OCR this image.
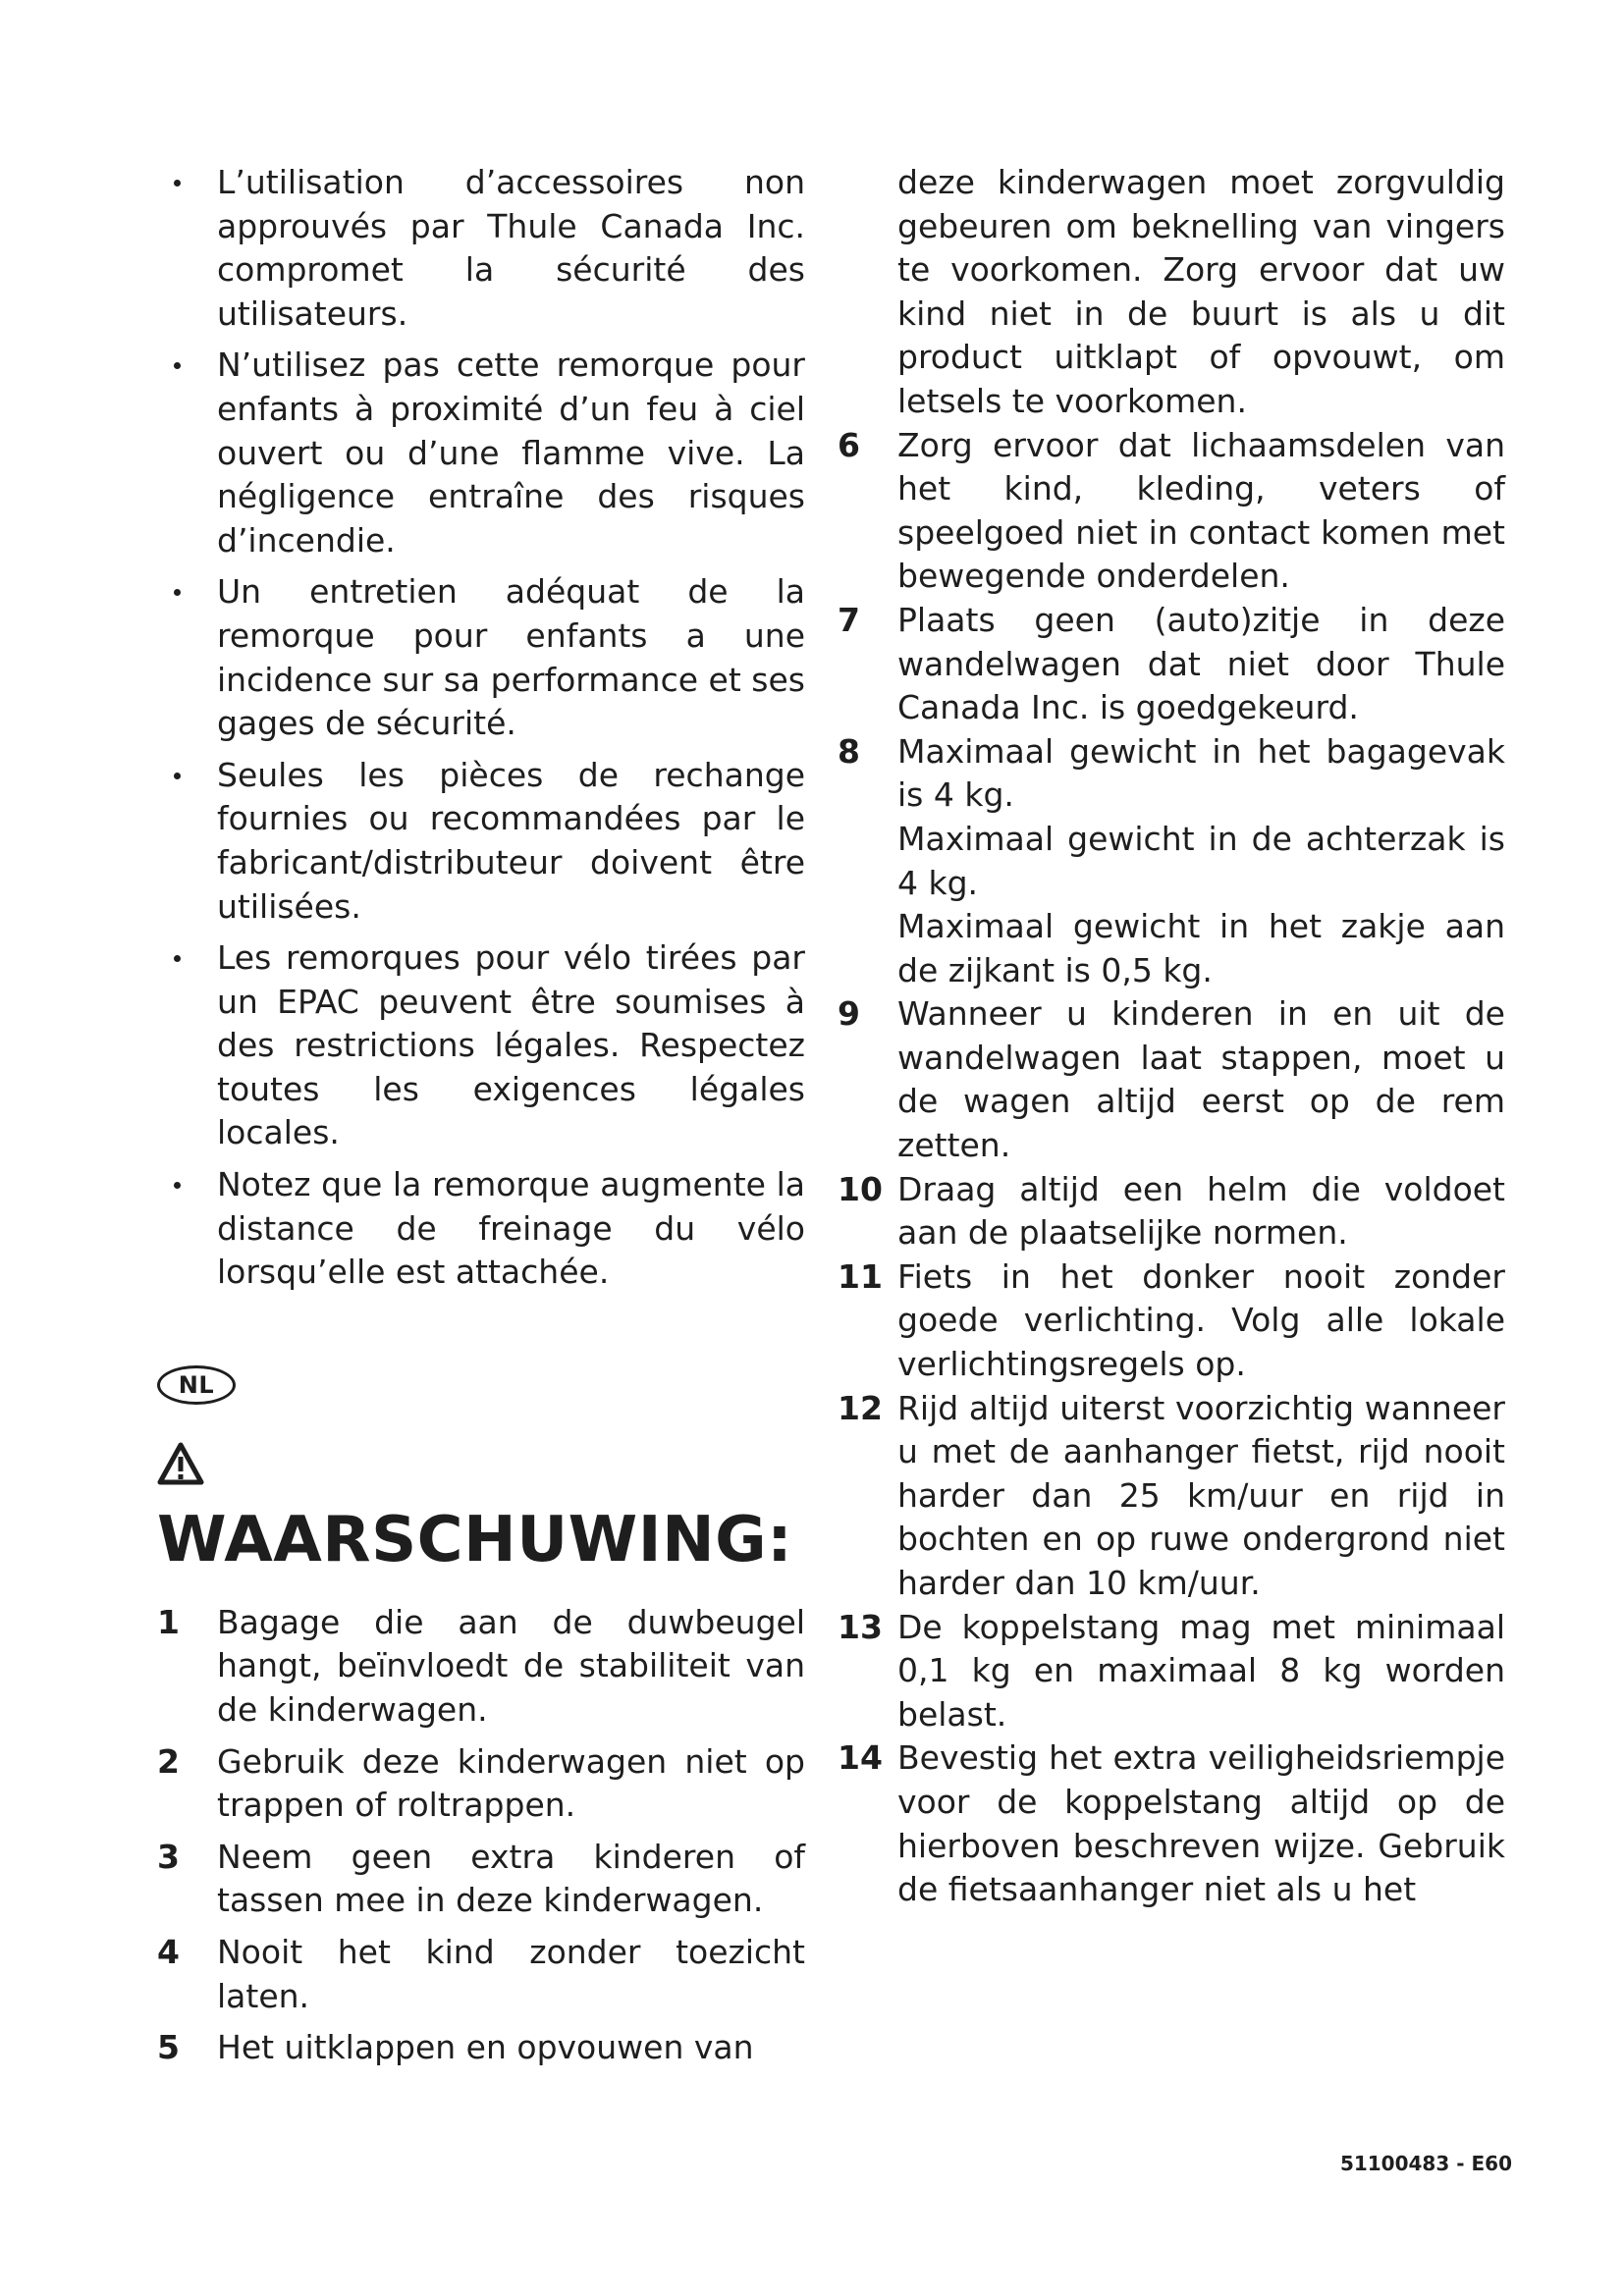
L’utilisation d’accessoires non approuvés par Thule Canada Inc. compromet la sécurité des utilisateurs.
N’utilisez pas cette remorque pour enfants à proximité d’un feu à ciel ouvert ou d’une flamme vive. La négligence entraîne des risques d’incendie.
Un entretien adéquat de la remorque pour enfants a une incidence sur sa performance et ses gages de sécurité.
Seules les pièces de rechange fournies ou recommandées par le fabricant/distributeur doivent être utilisées.
Les remorques pour vélo tirées par un EPAC peuvent être soumises à des restrictions légales. Respectez toutes les exigences légales locales.
Notez que la remorque augmente la distance de freinage du vélo lorsqu’elle est attachée.
NL
WAARSCHUWING:
1 Bagage die aan de duwbeugel hangt, beïnvloedt de stabiliteit van de kinderwagen.
2 Gebruik deze kinderwagen niet op trappen of roltrappen.
3 Neem geen extra kinderen of tassen mee in deze kinderwagen.
4 Nooit het kind zonder toezicht laten.
5 Het uitklappen en opvouwen van
deze kinderwagen moet zorgvuldig gebeuren om beknelling van vingers te voorkomen. Zorg ervoor dat uw kind niet in de buurt is als u dit product uitklapt of opvouwt, om letsels te voorkomen.
6 Zorg ervoor dat lichaamsdelen van het kind, kleding, veters of speelgoed niet in contact komen met bewegende onderdelen.
7 Plaats geen (auto)zitje in deze wandelwagen dat niet door Thule Canada Inc. is goedgekeurd.
8 Maximaal gewicht in het bagagevak is 4 kg.
Maximaal gewicht in de achterzak is 4 kg.
Maximaal gewicht in het zakje aan de zijkant is 0,5 kg.
9 Wanneer u kinderen in en uit de wandelwagen laat stappen, moet u de wagen altijd eerst op de rem zetten.
10 Draag altijd een helm die voldoet aan de plaatselijke normen.
11 Fiets in het donker nooit zonder goede verlichting. Volg alle lokale verlichtingsregels op.
12 Rijd altijd uiterst voorzichtig wanneer u met de aanhanger fietst, rijd nooit harder dan 25 km/uur en rijd in bochten en op ruwe ondergrond niet harder dan 10 km/uur.
13 De koppelstang mag met minimaal 0,1 kg en maximaal 8 kg worden belast.
14 Bevestig het extra veiligheidsriempje voor de koppelstang altijd op de hierboven beschreven wijze. Gebruik de fietsaanhanger niet als u het
51100483 - E60
